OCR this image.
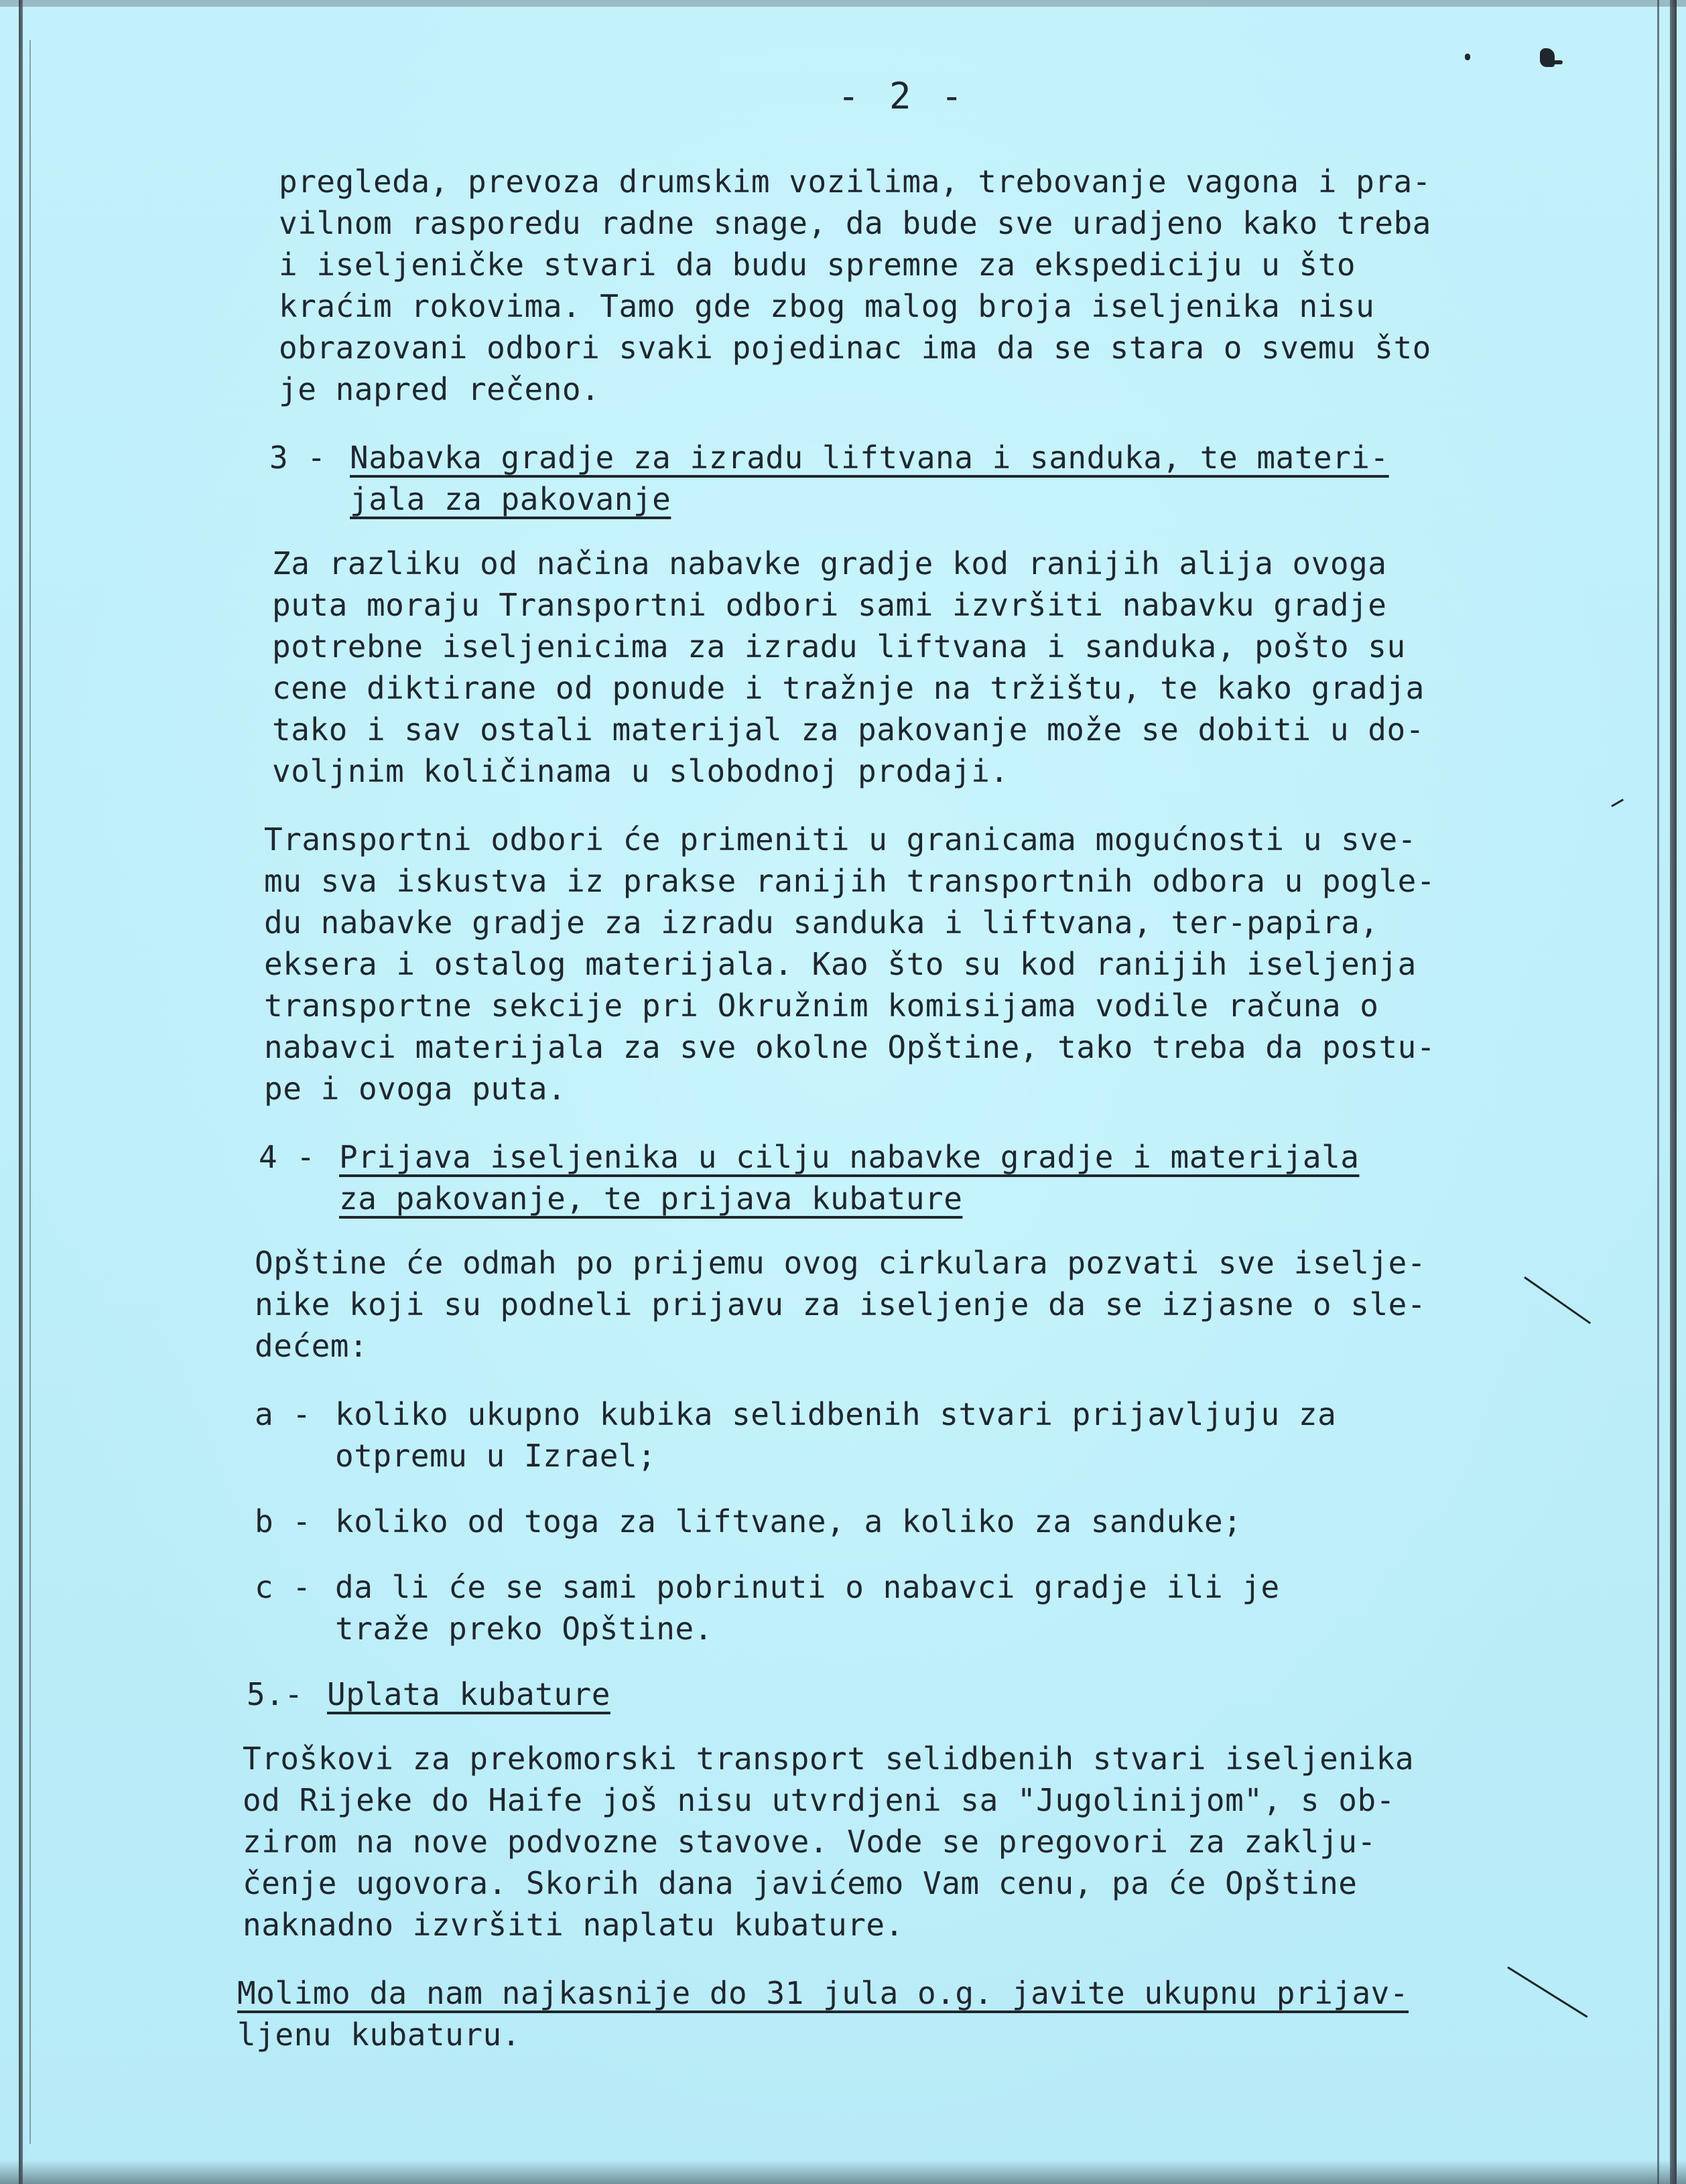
- 2 -
pregleda, prevoza drumskim vozilima, trebovanje vagona i pra-
vilnom rasporedu radne snage, da bude sve uradjeno kako treba
i iseljeničke stvari da budu spremne za ekspediciju u što
kraćim rokovima. Tamo gde zbog malog broja iseljenika nisu
obrazovani odbori svaki pojedinac ima da se stara o svemu što
je napred rečeno.
3 - Nabavka gradje za izradu liftvana i sanduka, te materi-
jala za pakovanje
Za razliku od načina nabavke gradje kod ranijih alija ovoga
puta moraju Transportni odbori sami izvršiti nabavku gradje
potrebne iseljenicima za izradu liftvana i sanduka, pošto su
cene diktirane od ponude i tražnje na tržištu, te kako gradja
tako i sav ostali materijal za pakovanje može se dobiti u do-
voljnim količinama u slobodnoj prodaji.
Transportni odbori će primeniti u granicama mogućnosti u sve-
mu sva iskustva iz prakse ranijih transportnih odbora u pogle-
du nabavke gradje za izradu sanduka i liftvana, ter-papira,
eksera i ostalog materijala. Kao što su kod ranijih iseljenja
transportne sekcije pri Okružnim komisijama vodile računa o
nabavci materijala za sve okolne Opštine, tako treba da postu-
pe i ovoga puta.
4 - Prijava iseljenika u cilju nabavke gradje i materijala
za pakovanje, te prijava kubature
Opštine će odmah po prijemu ovog cirkulara pozvati sve iselje-
nike koji su podneli prijavu za iseljenje da se izjasne o sle-
dećem:
a - koliko ukupno kubika selidbenih stvari prijavljuju za
otpremu u Izrael;
b - koliko od toga za liftvane, a koliko za sanduke;
c - da li će se sami pobrinuti o nabavci gradje ili je
traže preko Opštine.
5.- Uplata kubature
Troškovi za prekomorski transport selidbenih stvari iseljenika
od Rijeke do Haife još nisu utvrdjeni sa "Jugolinijom", s ob-
zirom na nove podvozne stavove. Vode se pregovori za zaklju-
čenje ugovora. Skorih dana javićemo Vam cenu, pa će Opštine
naknadno izvršiti naplatu kubature.
Molimo da nam najkasnije do 31 jula o.g. javite ukupnu prijav-
ljenu kubaturu.
